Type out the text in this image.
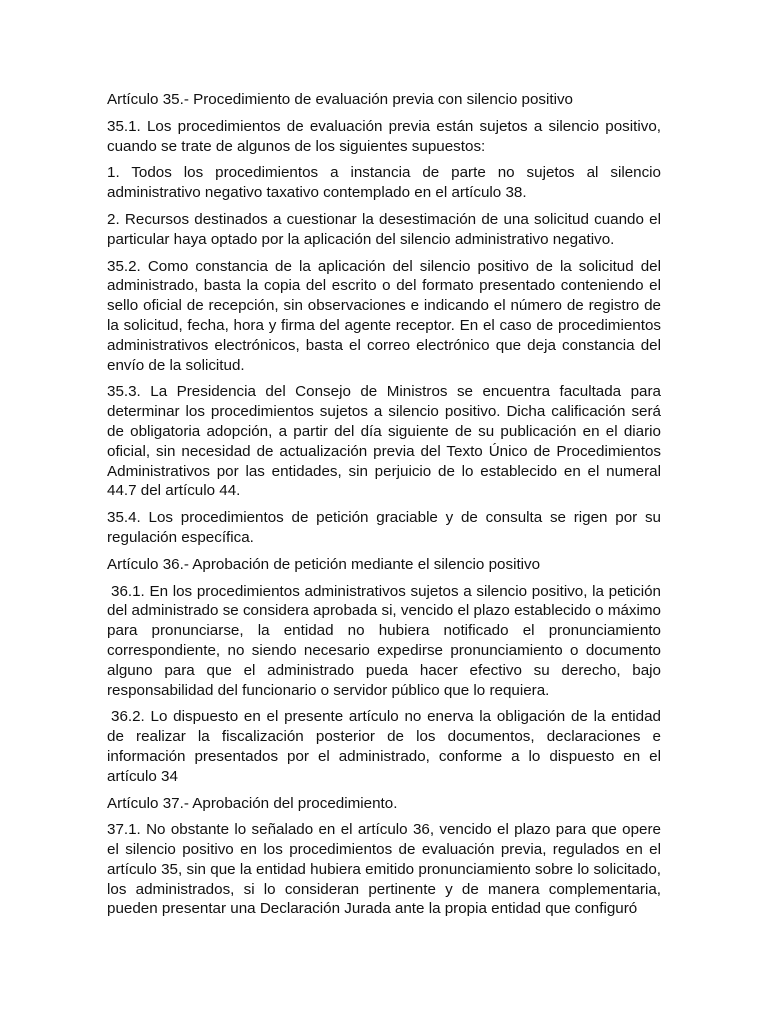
Artículo 35.- Procedimiento de evaluación previa con silencio positivo

35.1. Los procedimientos de evaluación previa están sujetos a silencio positivo, cuando se trate de algunos de los siguientes supuestos:

1. Todos los procedimientos a instancia de parte no sujetos al silencio administrativo negativo taxativo contemplado en el artículo 38.

2. Recursos destinados a cuestionar la desestimación de una solicitud cuando el particular haya optado por la aplicación del silencio administrativo negativo.

35.2. Como constancia de la aplicación del silencio positivo de la solicitud del administrado, basta la copia del escrito o del formato presentado conteniendo el sello oficial de recepción, sin observaciones e indicando el número de registro de la solicitud, fecha, hora y firma del agente receptor. En el caso de procedimientos administrativos electrónicos, basta el correo electrónico que deja constancia del envío de la solicitud.

35.3. La Presidencia del Consejo de Ministros se encuentra facultada para determinar los procedimientos sujetos a silencio positivo. Dicha calificación será de obligatoria adopción, a partir del día siguiente de su publicación en el diario oficial, sin necesidad de actualización previa del Texto Único de Procedimientos Administrativos por las entidades, sin perjuicio de lo establecido en el numeral 44.7 del artículo 44.

35.4. Los procedimientos de petición graciable y de consulta se rigen por su regulación específica.

Artículo 36.- Aprobación de petición mediante el silencio positivo

36.1. En los procedimientos administrativos sujetos a silencio positivo, la petición del administrado se considera aprobada si, vencido el plazo establecido o máximo para pronunciarse, la entidad no hubiera notificado el pronunciamiento correspondiente, no siendo necesario expedirse pronunciamiento o documento alguno para que el administrado pueda hacer efectivo su derecho, bajo responsabilidad del funcionario o servidor público que lo requiera.

36.2. Lo dispuesto en el presente artículo no enerva la obligación de la entidad de realizar la fiscalización posterior de los documentos, declaraciones e información presentados por el administrado, conforme a lo dispuesto en el artículo 34

Artículo 37.- Aprobación del procedimiento.

37.1. No obstante lo señalado en el artículo 36, vencido el plazo para que opere el silencio positivo en los procedimientos de evaluación previa, regulados en el artículo 35, sin que la entidad hubiera emitido pronunciamiento sobre lo solicitado, los administrados, si lo consideran pertinente y de manera complementaria, pueden presentar una Declaración Jurada ante la propia entidad que configuró
